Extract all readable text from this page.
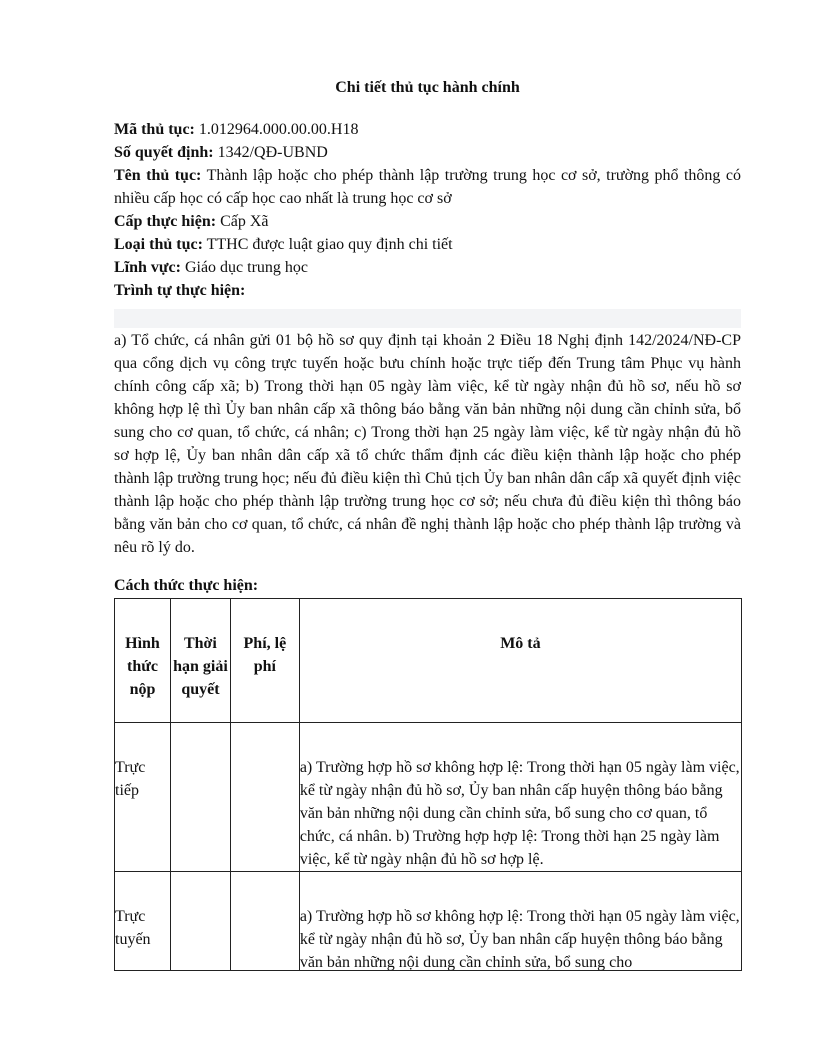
Chi tiết thủ tục hành chính
Mã thủ tục: 1.012964.000.00.00.H18
Số quyết định: 1342/QĐ-UBND
Tên thủ tục: Thành lập hoặc cho phép thành lập trường trung học cơ sở, trường phổ thông có nhiều cấp học có cấp học cao nhất là trung học cơ sở
Cấp thực hiện: Cấp Xã
Loại thủ tục: TTHC được luật giao quy định chi tiết
Lĩnh vực: Giáo dục trung học
Trình tự thực hiện:
a) Tổ chức, cá nhân gửi 01 bộ hồ sơ quy định tại khoản 2 Điều 18 Nghị định 142/2024/NĐ-CP qua cổng dịch vụ công trực tuyến hoặc bưu chính hoặc trực tiếp đến Trung tâm Phục vụ hành chính công cấp xã; b) Trong thời hạn 05 ngày làm việc, kể từ ngày nhận đủ hồ sơ, nếu hồ sơ không hợp lệ thì Ủy ban nhân cấp xã thông báo bằng văn bản những nội dung cần chỉnh sửa, bổ sung cho cơ quan, tổ chức, cá nhân; c) Trong thời hạn 25 ngày làm việc, kể từ ngày nhận đủ hồ sơ hợp lệ, Ủy ban nhân dân cấp xã tổ chức thẩm định các điều kiện thành lập hoặc cho phép thành lập trường trung học; nếu đủ điều kiện thì Chủ tịch Ủy ban nhân dân cấp xã quyết định việc thành lập hoặc cho phép thành lập trường trung học cơ sở; nếu chưa đủ điều kiện thì thông báo bằng văn bản cho cơ quan, tổ chức, cá nhân đề nghị thành lập hoặc cho phép thành lập trường và nêu rõ lý do.
Cách thức thực hiện:
Hình thức nộp	Thời hạn giải quyết	Phí, lệ phí	Mô tả
Trực tiếp			a) Trường hợp hồ sơ không hợp lệ: Trong thời hạn 05 ngày làm việc, kể từ ngày nhận đủ hồ sơ, Ủy ban nhân cấp huyện thông báo bằng văn bản những nội dung cần chỉnh sửa, bổ sung cho cơ quan, tổ chức, cá nhân. b) Trường hợp hợp lệ: Trong thời hạn 25 ngày làm việc, kể từ ngày nhận đủ hồ sơ hợp lệ.
Trực tuyến			a) Trường hợp hồ sơ không hợp lệ: Trong thời hạn 05 ngày làm việc, kể từ ngày nhận đủ hồ sơ, Ủy ban nhân cấp huyện thông báo bằng văn bản những nội dung cần chỉnh sửa, bổ sung cho
